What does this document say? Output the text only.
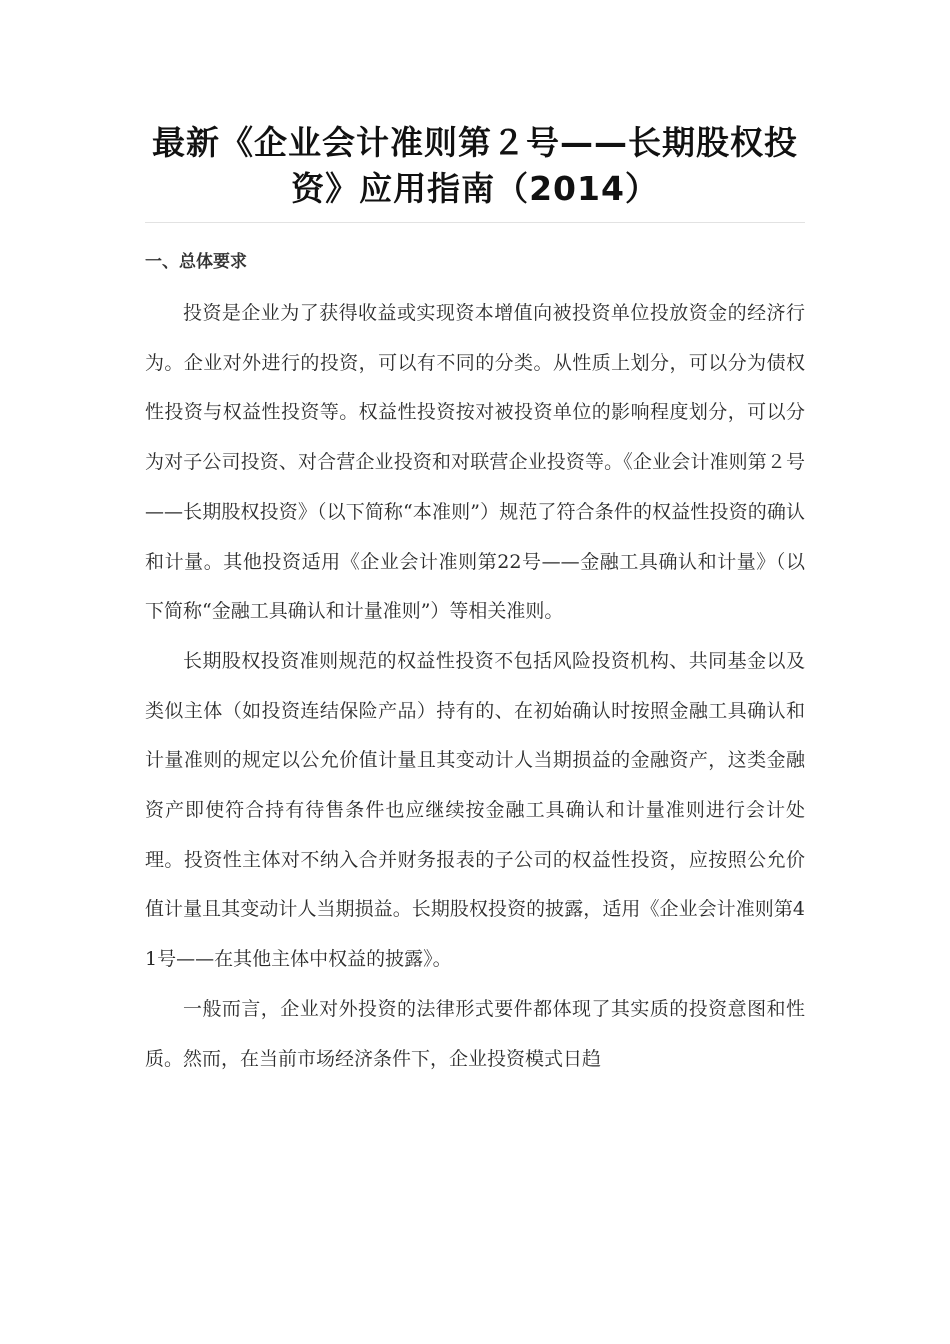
最新《企业会计准则第２号——长期股权投资》应用指南（2014）
一、总体要求

投资是企业为了获得收益或实现资本增值向被投资单位投放资金的经济行为。企业对外进行的投资，可以有不同的分类。从性质上划分，可以分为债权性投资与权益性投资等。权益性投资按对被投资单位的影响程度划分，可以分为对子公司投资、对合营企业投资和对联营企业投资等。《企业会计准则第２号——长期股权投资》（以下简称“本准则”）规范了符合条件的权益性投资的确认和计量。其他投资适用《企业会计准则第22号——金融工具确认和计量》（以下简称“金融工具确认和计量准则”）等相关准则。

长期股权投资准则规范的权益性投资不包括风险投资机构、共同基金以及类似主体（如投资连结保险产品）持有的、在初始确认时按照金融工具确认和计量准则的规定以公允价值计量且其变动计人当期损益的金融资产，这类金融资产即使符合持有待售条件也应继续按金融工具确认和计量准则进行会计处理。投资性主体对不纳入合并财务报表的子公司的权益性投资，应按照公允价值计量且其变动计人当期损益。长期股权投资的披露，适用《企业会计准则第41号——在其他主体中权益的披露》。

一般而言，企业对外投资的法律形式要件都体现了其实质的投资意图和性质。然而，在当前市场经济条件下，企业投资模式日趋
